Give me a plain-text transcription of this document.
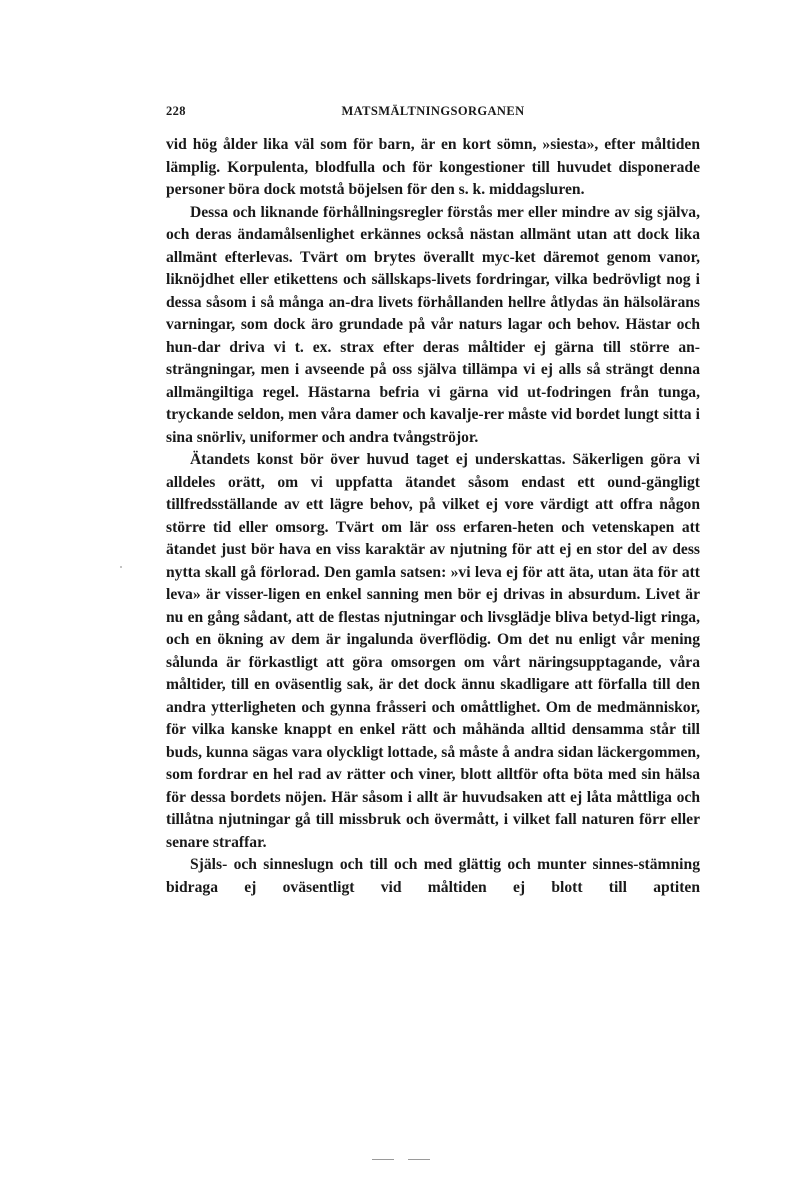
228	MATSMÄLTNINGSORGANEN

vid hög ålder lika väl som för barn, är en kort sömn, »siesta», efter måltiden lämplig. Korpulenta, blodfulla och för kongestioner till huvudet disponerade personer böra dock motstå böjelsen för den s. k. middagsluren.

Dessa och liknande förhållningsregler förstås mer eller mindre av sig själva, och deras ändamålsenlighet erkännes också nästan allmänt utan att dock lika allmänt efterlevas. Tvärt om brytes överallt myc-ket däremot genom vanor, liknöjdhet eller etikettens och sällskaps-livets fordringar, vilka bedrövligt nog i dessa såsom i så många an-dra livets förhållanden hellre åtlydas än hälsolärans varningar, som dock äro grundade på vår naturs lagar och behov. Hästar och hun-dar driva vi t. ex. strax efter deras måltider ej gärna till större an-strängningar, men i avseende på oss själva tillämpa vi ej alls så strängt denna allmängiltiga regel. Hästarna befria vi gärna vid ut-fodringen från tunga, tryckande seldon, men våra damer och kavalje-rer måste vid bordet lungt sitta i sina snörliv, uniformer och andra tvångströjor.

Ätandets konst bör över huvud taget ej underskattas. Säkerligen göra vi alldeles orätt, om vi uppfatta ätandet såsom endast ett ound-gängligt tillfredsställande av ett lägre behov, på vilket ej vore värdigt att offra någon större tid eller omsorg. Tvärt om lär oss erfaren-heten och vetenskapen att ätandet just bör hava en viss karaktär av njutning för att ej en stor del av dess nytta skall gå förlorad. Den gamla satsen: »vi leva ej för att äta, utan äta för att leva» är visser-ligen en enkel sanning men bör ej drivas in absurdum. Livet är nu en gång sådant, att de flestas njutningar och livsglädje bliva betyd-ligt ringa, och en ökning av dem är ingalunda överflödig. Om det nu enligt vår mening sålunda är förkastligt att göra omsorgen om vårt näringsupptagande, våra måltider, till en oväsentlig sak, är det dock ännu skadligare att förfalla till den andra ytterligheten och gynna fråsseri och omåttlighet. Om de medmänniskor, för vilka kanske knappt en enkel rätt och måhända alltid densamma står till buds, kunna sägas vara olyckligt lottade, så måste å andra sidan läckergommen, som fordrar en hel rad av rätter och viner, blott alltför ofta böta med sin hälsa för dessa bordets nöjen. Här såsom i allt är huvudsaken att ej låta måttliga och tillåtna njutningar gå till missbruk och övermått, i vilket fall naturen förr eller senare straffar.

Själs- och sinneslugn och till och med glättig och munter sinnes-stämning bidraga ej oväsentligt vid måltiden ej blott till aptiten
